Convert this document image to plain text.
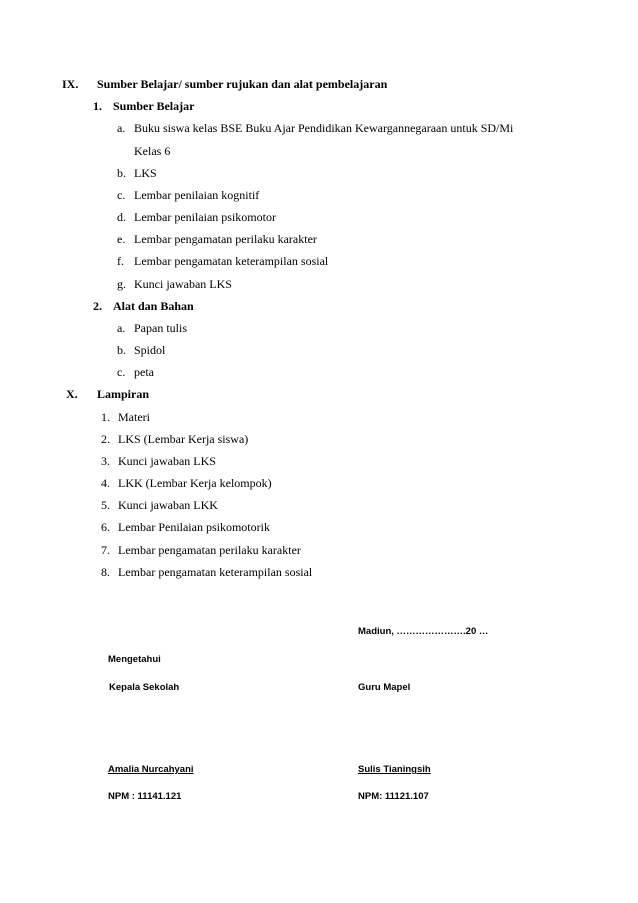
IX. Sumber Belajar/ sumber rujukan dan alat pembelajaran
1. Sumber Belajar
a. Buku siswa kelas BSE Buku Ajar Pendidikan Kewargannegaraan untuk SD/Mi
Kelas 6
b. LKS
c. Lembar penilaian kognitif
d. Lembar penilaian psikomotor
e. Lembar pengamatan perilaku karakter
f. Lembar pengamatan keterampilan sosial
g. Kunci jawaban LKS
2. Alat dan Bahan
a. Papan tulis
b. Spidol
c. peta
X. Lampiran
1. Materi
2. LKS (Lembar Kerja siswa)
3. Kunci jawaban LKS
4. LKK (Lembar Kerja kelompok)
5. Kunci jawaban LKK
6. Lembar Penilaian psikomotorik
7. Lembar pengamatan perilaku karakter
8. Lembar pengamatan keterampilan sosial
Madiun, ………………….20 …
Mengetahui
Kepala Sekolah	Guru Mapel
Amalia Nurcahyani	Sulis Tianingsih
NPM : 11141.121	NPM: 11121.107
